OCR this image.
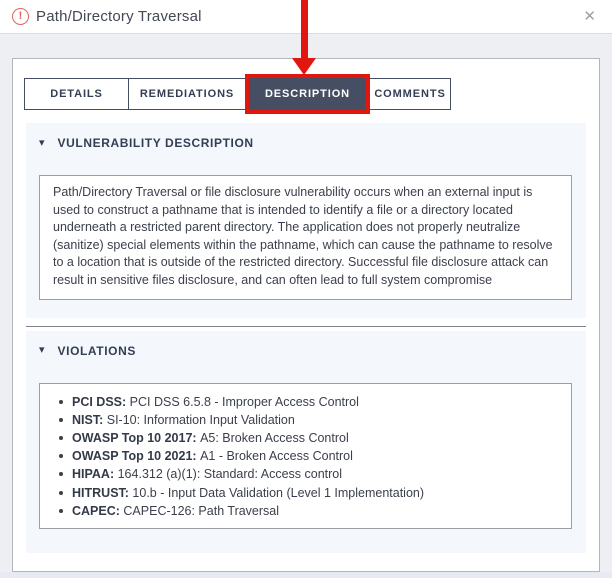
! Path/Directory Traversal	✕
DETAILS	REMEDIATIONS	DESCRIPTION	COMMENTS
▾ VULNERABILITY DESCRIPTION
Path/Directory Traversal or file disclosure vulnerability occurs when an external input is used to construct a pathname that is intended to identify a file or a directory located underneath a restricted parent directory. The application does not properly neutralize (sanitize) special elements within the pathname, which can cause the pathname to resolve to a location that is outside of the restricted directory. Successful file disclosure attack can result in sensitive files disclosure, and can often lead to full system compromise
▾ VIOLATIONS
PCI DSS: PCI DSS 6.5.8 - Improper Access Control
NIST: SI-10: Information Input Validation
OWASP Top 10 2017: A5: Broken Access Control
OWASP Top 10 2021: A1 - Broken Access Control
HIPAA: 164.312 (a)(1): Standard: Access control
HITRUST: 10.b - Input Data Validation (Level 1 Implementation)
CAPEC: CAPEC-126: Path Traversal
